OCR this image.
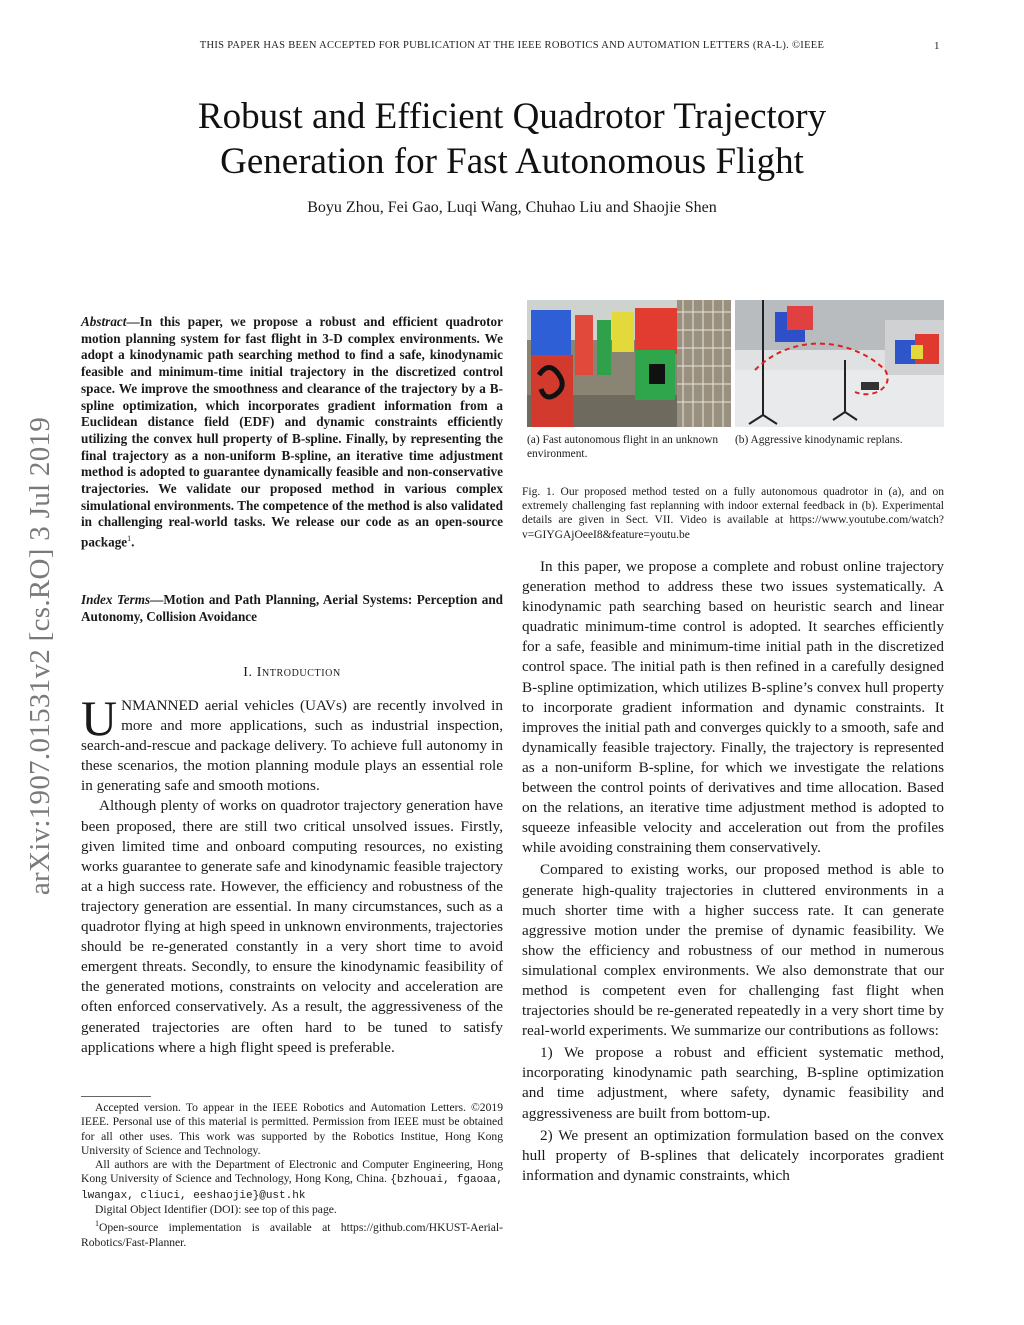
THIS PAPER HAS BEEN ACCEPTED FOR PUBLICATION AT THE IEEE ROBOTICS AND AUTOMATION LETTERS (RA-L). ©IEEE	1
Robust and Efficient Quadrotor Trajectory
Generation for Fast Autonomous Flight
Boyu Zhou, Fei Gao, Luqi Wang, Chuhao Liu and Shaojie Shen
arXiv:1907.01531v2 [cs.RO] 3 Jul 2019
Abstract—In this paper, we propose a robust and efficient quadrotor motion planning system for fast flight in 3-D complex environments. We adopt a kinodynamic path searching method to find a safe, kinodynamic feasible and minimum-time initial trajectory in the discretized control space. We improve the smoothness and clearance of the trajectory by a B-spline optimization, which incorporates gradient information from a Euclidean distance field (EDF) and dynamic constraints efficiently utilizing the convex hull property of B-spline. Finally, by representing the final trajectory as a non-uniform B-spline, an iterative time adjustment method is adopted to guarantee dynamically feasible and non-conservative trajectories. We validate our proposed method in various complex simulational environments. The competence of the method is also validated in challenging real-world tasks. We release our code as an open-source package$^1$.
Index Terms—Motion and Path Planning, Aerial Systems: Perception and Autonomy, Collision Avoidance
I. Introduction

UNMANNED aerial vehicles (UAVs) are recently involved in more and more applications, such as industrial inspection, search-and-rescue and package delivery. To achieve full autonomy in these scenarios, the motion planning module plays an essential role in generating safe and smooth motions.

Although plenty of works on quadrotor trajectory generation have been proposed, there are still two critical unsolved issues. Firstly, given limited time and onboard computing resources, no existing works guarantee to generate safe and kinodynamic feasible trajectory at a high success rate. However, the efficiency and robustness of the trajectory generation are essential. In many circumstances, such as a quadrotor flying at high speed in unknown environments, trajectories should be re-generated constantly in a very short time to avoid emergent threats. Secondly, to ensure the kinodynamic feasibility of the generated motions, constraints on velocity and acceleration are often enforced conservatively. As a result, the aggressiveness of the generated trajectories are often hard to be tuned to satisfy applications where a high flight speed is preferable.

Accepted version. To appear in the IEEE Robotics and Automation Letters. ©2019 IEEE. Personal use of this material is permitted. Permission from IEEE must be obtained for all other uses. This work was supported by the Robotics Institue, Hong Kong University of Science and Technology.

All authors are with the Department of Electronic and Computer Engineering, Hong Kong University of Science and Technology, Hong Kong, China. {bzhouai, fgaoaa, lwangax, cliuci, eeshaojie}@ust.hk

Digital Object Identifier (DOI): see top of this page.

$^1$Open-source implementation is available at https://github.com/HKUST-Aerial-Robotics/Fast-Planner.

(a) Fast autonomous flight in an unknown environment.
(b) Aggressive kinodynamic replans.
Fig. 1. Our proposed method tested on a fully autonomous quadrotor in (a), and on extremely challenging fast replanning with indoor external feedback in (b). Experimental details are given in Sect. VII. Video is available at https://www.youtube.com/watch?v=GIYGAjOeeI8&feature=youtu.be

In this paper, we propose a complete and robust online trajectory generation method to address these two issues systematically. A kinodynamic path searching based on heuristic search and linear quadratic minimum-time control is adopted. It searches efficiently for a safe, feasible and minimum-time initial path in the discretized control space. The initial path is then refined in a carefully designed B-spline optimization, which utilizes B-spline’s convex hull property to incorporate gradient information and dynamic constraints. It improves the initial path and converges quickly to a smooth, safe and dynamically feasible trajectory. Finally, the trajectory is represented as a non-uniform B-spline, for which we investigate the relations between the control points of derivatives and time allocation. Based on the relations, an iterative time adjustment method is adopted to squeeze infeasible velocity and acceleration out from the profiles while avoiding constraining them conservatively.

Compared to existing works, our proposed method is able to generate high-quality trajectories in cluttered environments in a much shorter time with a higher success rate. It can generate aggressive motion under the premise of dynamic feasibility. We show the efficiency and robustness of our method in numerous simulational complex environments. We also demonstrate that our method is competent even for challenging fast flight when trajectories should be re-generated repeatedly in a very short time by real-world experiments. We summarize our contributions as follows:

1) We propose a robust and efficient systematic method, incorporating kinodynamic path searching, B-spline optimization and time adjustment, where safety, dynamic feasibility and aggressiveness are built from bottom-up.

2) We present an optimization formulation based on the convex hull property of B-splines that delicately incorporates gradient information and dynamic constraints, which
